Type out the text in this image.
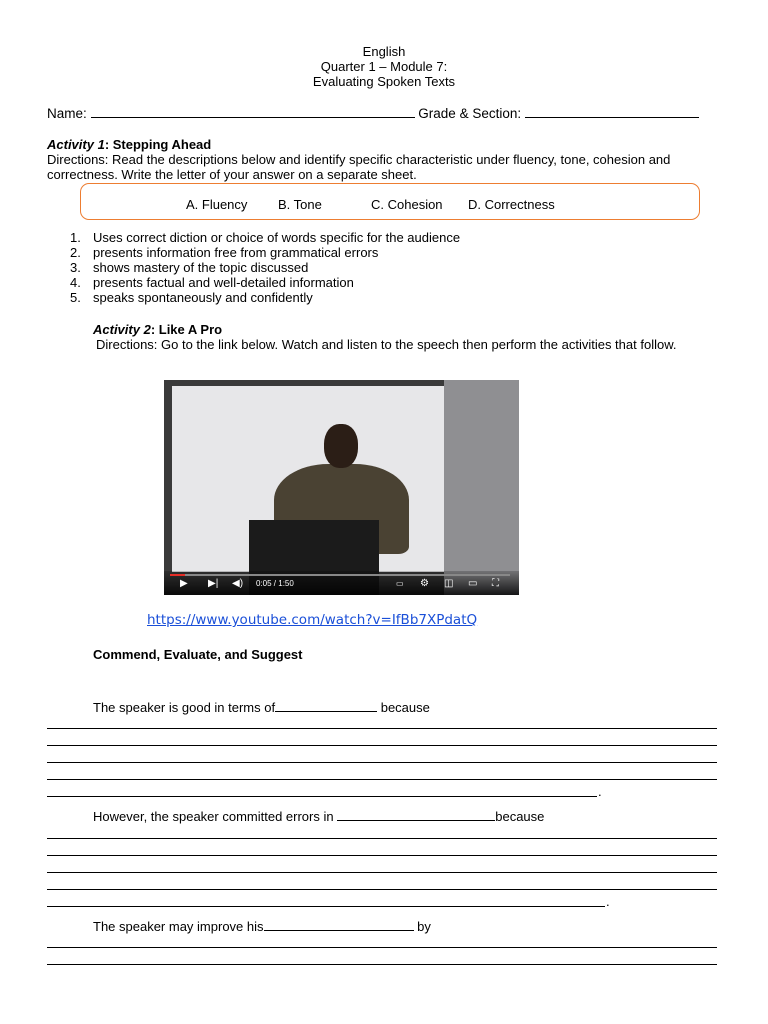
English
Quarter 1 – Module 7:
Evaluating Spoken Texts
Name:	Grade & Section:
Activity 1: Stepping Ahead
Directions: Read the descriptions below and identify specific characteristic under fluency, tone, cohesion and correctness. Write the letter of your answer on a separate sheet.
A. Fluency B. Tone	C. Cohesion D. Correctness
1. Uses correct diction or choice of words specific for the audience
2. presents information free from grammatical errors
3. shows mastery of the topic discussed
4. presents factual and well-detailed information
5. speaks spontaneously and confidently
Activity 2: Like A Pro
Directions: Go to the link below. Watch and listen to the speech then perform the activities that follow.
▶ ▶| ◀) 0:05 / 1:50	▭ ⚙ ◫ ▭ ⛶
https://www.youtube.com/watch?v=IfBb7XPdatQ
Commend, Evaluate, and Suggest
The speaker is good in terms of	because
.
However, the speaker committed errors in	because
.
The speaker may improve his	by
